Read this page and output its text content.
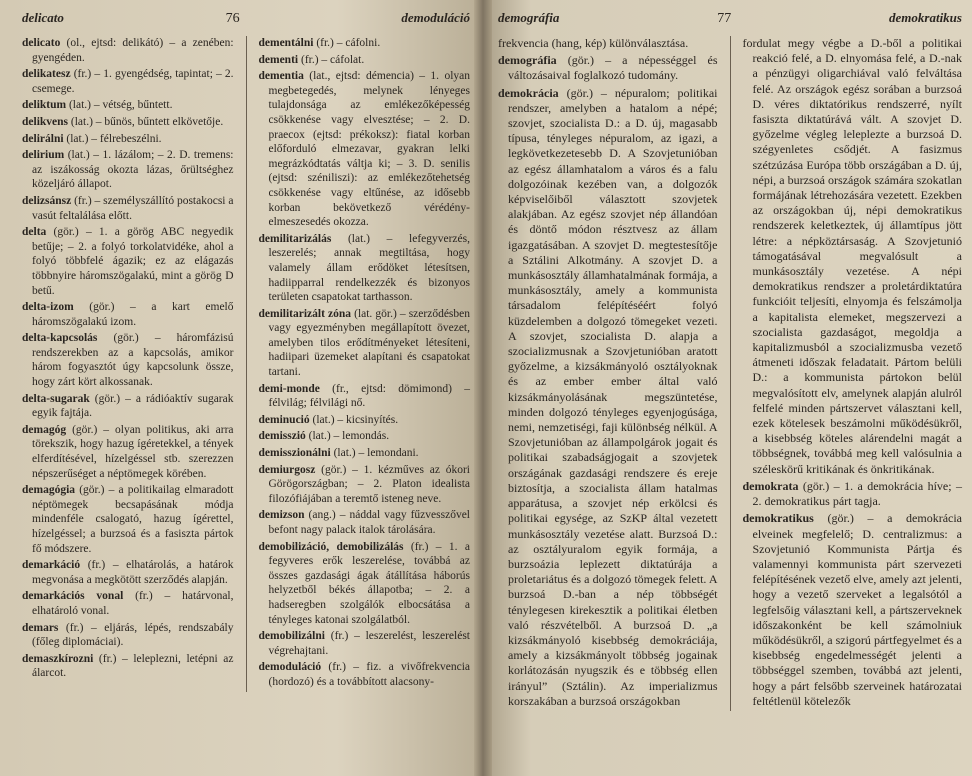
delicato	76	demoduláció

delicato (ol., ejtsd: delikátó) – a zenében: gyengéden.

delikatesz (fr.) – 1. gyengédség, tapintat; – 2. csemege.

deliktum (lat.) – vétség, bűntett.

delikvens (lat.) – bűnös, bűntett elkövetője.

delirálni (lat.) – félrebeszélni.

delirium (lat.) – 1. lázálom; – 2. D. tremens: az iszákosság okozta lázas, őrültséghez közeljáró állapot.

delizsánsz (fr.) – személyszállító postakocsi a vasút feltalálása előtt.

delta (gör.) – 1. a görög ABC negyedik betűje; – 2. a folyó torkolatvidéke, ahol a folyó többfelé ágazik; ez az elágazás többnyire háromszögalakú, mint a görög D betű.

delta-izom (gör.) – a kart emelő háromszögalakú izom.

delta-kapcsolás (gör.) – háromfázisú rendszerekben az a kapcsolás, amikor három fogyasztót úgy kapcsolunk össze, hogy zárt kört alkossanak.

delta-sugarak (gör.) – a rádióaktív sugarak egyik fajtája.

demagóg (gör.) – olyan politikus, aki arra törekszik, hogy hazug ígéretekkel, a tények elferdítésével, hízelgéssel stb. szerezzen népszerűséget a néptömegek körében.

demagógia (gör.) – a politikailag elmaradott néptömegek becsapásának módja mindenféle csalogató, hazug ígérettel, hízelgéssel; a burzsoá és a fasiszta pártok fő módszere.

demarkáció (fr.) – elhatárolás, a határok megvonása a megkötött szerződés alapján.

demarkációs vonal (fr.) – határvonal, elhatároló vonal.

demars (fr.) – eljárás, lépés, rendszabály (főleg diplomáciai).

demaszkírozni (fr.) – leleplezni, letépni az álarcot.

dementálni (fr.) – cáfolni.

dementi (fr.) – cáfolat.

dementia (lat., ejtsd: démencia) – 1. olyan megbetegedés, melynek lényeges tulajdonsága az emlékezőképesség csökkenése vagy elvesztése; – 2. D. praecox (ejtsd: prékoksz): fiatal korban előforduló elmezavar, gyakran lelki megrázkódtatás váltja ki; – 3. D. senilis (ejtsd: széniliszi): az emlékezőtehetség csökkenése vagy eltűnése, az idősebb korban bekövetkező vérédény-elmeszesedés okozza.

demilitarizálás (lat.) – lefegyverzés, leszerelés; annak megtiltása, hogy valamely állam erődöket létesítsen, hadiipparral rendelkezzék és bizonyos területen csapatokat tarthasson.

demilitarizált zóna (lat. gör.) – szerződésben vagy egyezményben megállapított övezet, amelyben tilos erődítményeket létesíteni, hadiipari üzemeket alapítani és csapatokat tartani.

demi-monde (fr., ejtsd: dömimond) – félvilág; félvilági nő.

deminució (lat.) – kicsinyítés.

demisszió (lat.) – lemondás.

demisszionálni (lat.) – lemondani.

demiurgosz (gör.) – 1. kézműves az ókori Görögországban; – 2. Platon idealista filozófiájában a teremtő isteneg neve.

demizson (ang.) – náddal vagy fűzvesszővel befont nagy palack italok tárolására.

demobilizáció, demobilizálás (fr.) – 1. a fegyveres erők leszerelése, továbbá az összes gazdasági ágak átállítása háborús helyzetből békés állapotba; – 2. a hadseregben szolgálók elbocsátása a tényleges katonai szolgálatból.

demobilizálni (fr.) – leszerelést, leszerelést végrehajtani.

demoduláció (fr.) – fiz. a vivőfrekvencia (hordozó) és a továbbított alacsony-

demográfia	77	demokratikus

frekvencia (hang, kép) különválasztása.

demográfia (gör.) – a népességgel és változásaival foglalkozó tudomány.

demokrácia (gör.) – népuralom; politikai rendszer, amelyben a hatalom a népé; szovjet, szocialista D.: a D. új, magasabb típusa, tényleges népuralom, az igazi, a legkövetkezetesebb D. A Szovjetunióban az egész államhatalom a város és a falu dolgozóinak kezében van, a dolgozók képviselőiből választott szovjetek alakjában. Az egész szovjet nép állandóan és döntő módon résztvesz az állam igazgatásában. A szovjet D. megtestesítője a Sztálini Alkotmány. A szovjet D. a munkásosztály államhatalmának formája, a munkásosztály, amely a kommunista társadalom felépítéséért folyó küzdelemben a dolgozó tömegeket vezeti. A szovjet, szocialista D. alapja a szocializmusnak a Szovjetunióban aratott győzelme, a kizsákmányoló osztályoknak és az ember ember által való kizsákmányolásának megszüntetése, minden dolgozó tényleges egyenjogúsága, nemi, nemzetiségi, faji különbség nélkül. A Szovjetunióban az állampolgárok jogait és politikai szabadságjogait a szovjetek országának gazdasági rendszere és ereje biztosítja, a szocialista állam hatalmas apparátusa, a szovjet nép erkölcsi és politikai egysége, az SzKP által vezetett munkásosztály vezetése alatt. Burzsoá D.: az osztályuralom egyik formája, a burzsoázia leplezett diktatúrája a proletariátus és a dolgozó tömegek felett. A burzsoá D.-ban a nép többségét ténylegesen kirekesztik a politikai életben való részvételből. A burzsoá D. „a kizsákmányoló kisebbség demokráciája, amely a kizsákmányolt többség jogainak korlátozásán nyugszik és e többség ellen irányul” (Sztálin). Az imperializmus korszakában a burzsoá országokban

fordulat megy végbe a D.-ből a politikai reakció felé, a D. elnyomása felé, a D.-nak a pénzügyi oligarchiával való felváltása felé. Az országok egész sorában a burzsoá D. véres diktatórikus rendszerré, nyílt fasiszta diktatúrává vált. A szovjet D. győzelme végleg leleplezte a burzsoá D. szégyenletes csődjét. A fasizmus szétzúzása Európa több országában a D. új, népi, a burzsoá országok számára szokatlan formájának létrehozására vezetett. Ezekben az országokban új, népi demokratikus rendszerek keletkeztek, új államtípus jött létre: a népköztársaság. A Szovjetunió támogatásával megvalósult a munkásosztály vezetése. A népi demokratikus rendszer a proletárdiktatúra funkcióit teljesíti, elnyomja és felszámolja a kapitalista elemeket, megszervezi a szocialista gazdaságot, megoldja a kapitalizmusból a szocializmusba vezető átmeneti időszak feladatait. Pártom belüli D.: a kommunista pártokon belül megvalósított elv, amelynek alapján alulról felfelé minden pártszervet választani kell, ezek kötelesek beszámolni működésükről, a kisebbség köteles alárendelni magát a többségnek, továbbá meg kell valósulnia a széleskörű kritikának és önkritikának.

demokrata (gör.) – 1. a demokrácia híve; – 2. demokratikus párt tagja.

demokratikus (gör.) – a demokrácia elveinek megfelelő; D. centralizmus: a Szovjetunió Kommunista Pártja és valamennyi kommunista párt szervezeti felépítésének vezető elve, amely azt jelenti, hogy a vezető szerveket a legalsótól a legfelsőig választani kell, a pártszerveknek időszakonként be kell számolniuk működésükről, a szigorú pártfegyelmet és a kisebbség engedelmességét jelenti a többséggel szemben, továbbá azt jelenti, hogy a párt felsőbb szerveinek határozatai feltétlenül kötelezők
